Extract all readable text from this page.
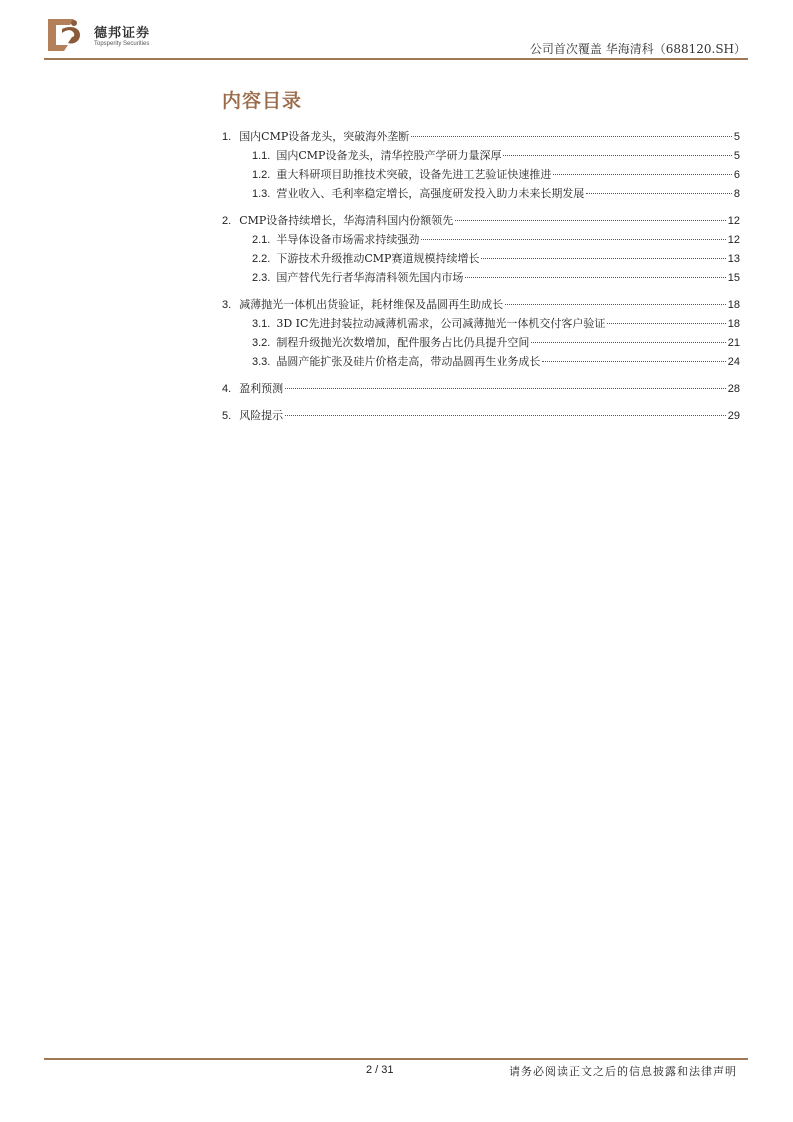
德邦证券
Topsperity Securities	公司首次覆盖 华海清科（688120.SH）
内容目录
1. 国内CMP设备龙头，突破海外垄断	5
1.1. 国内CMP设备龙头，清华控股产学研力量深厚	5
1.2. 重大科研项目助推技术突破，设备先进工艺验证快速推进	6
1.3. 营业收入、毛利率稳定增长，高强度研发投入助力未来长期发展	8
2. CMP设备持续增长，华海清科国内份额领先	12
2.1. 半导体设备市场需求持续强劲	12
2.2. 下游技术升级推动CMP赛道规模持续增长	13
2.3. 国产替代先行者华海清科领先国内市场	15
3. 减薄抛光一体机出货验证，耗材维保及晶圆再生助成长	18
3.1. 3D IC先进封装拉动减薄机需求，公司减薄抛光一体机交付客户验证	18
3.2. 制程升级抛光次数增加，配件服务占比仍具提升空间	21
3.3. 晶圆产能扩张及硅片价格走高，带动晶圆再生业务成长	24
4. 盈利预测	28
5. 风险提示	29
2 / 31	请务必阅读正文之后的信息披露和法律声明
